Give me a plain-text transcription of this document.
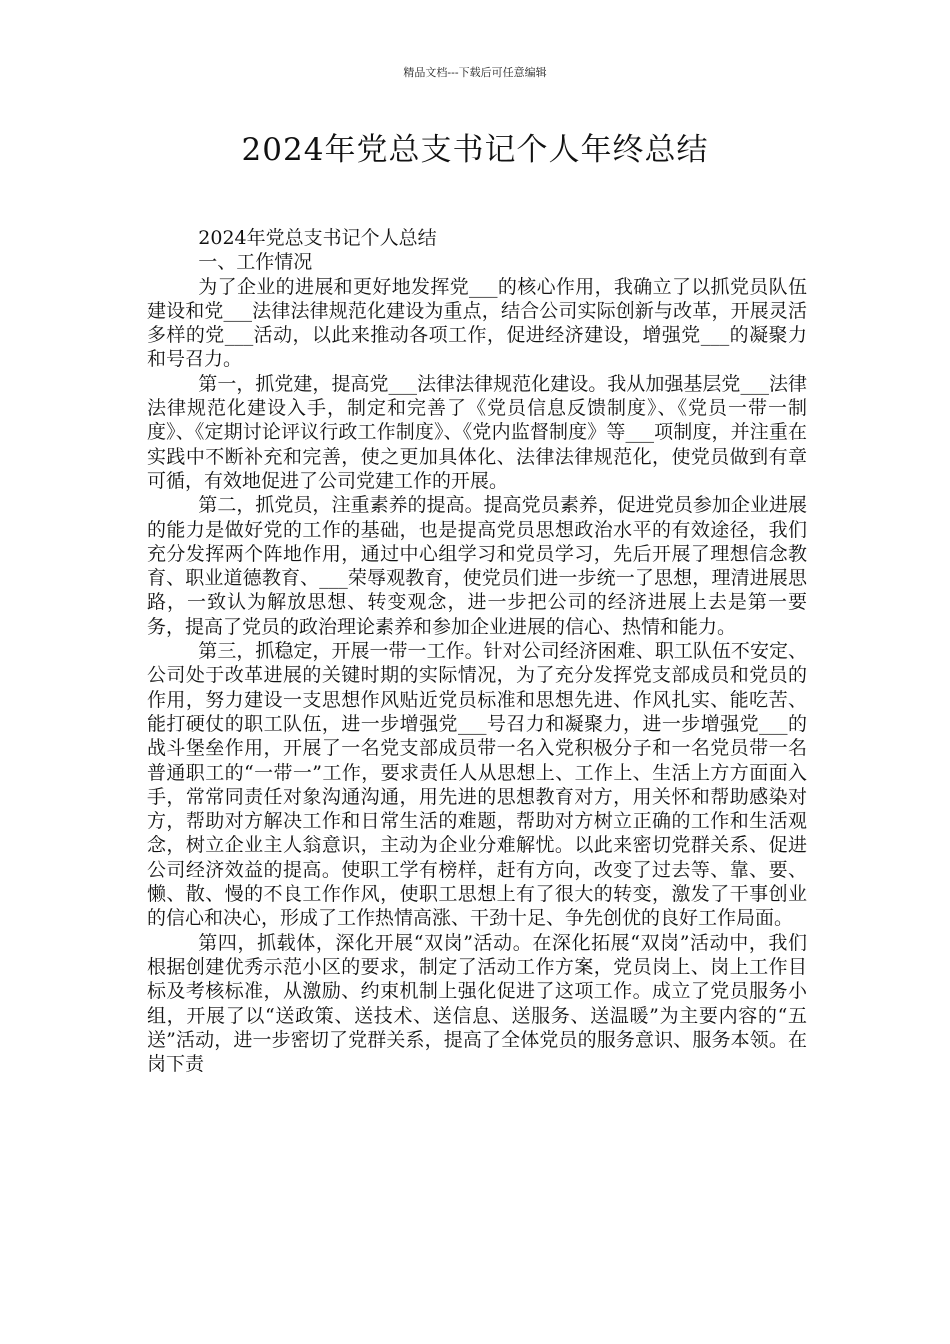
精品文档---下载后可任意编辑
2024年党总支书记个人年终总结

2024年党总支书记个人总结

一、工作情况

为了企业的进展和更好地发挥党___的核心作用，我确立了以抓党员队伍建设和党___法律法律规范化建设为重点，结合公司实际创新与改革，开展灵活多样的党___活动，以此来推动各项工作，促进经济建设，增强党___的凝聚力和号召力。

第一，抓党建，提高党___法律法律规范化建设。我从加强基层党___法律法律规范化建设入手，制定和完善了《党员信息反馈制度》、《党员一带一制度》、《定期讨论评议行政工作制度》、《党内监督制度》等___项制度，并注重在实践中不断补充和完善，使之更加具体化、法律法律规范化，使党员做到有章可循，有效地促进了公司党建工作的开展。

第二，抓党员，注重素养的提高。提高党员素养，促进党员参加企业进展的能力是做好党的工作的基础，也是提高党员思想政治水平的有效途径，我们充分发挥两个阵地作用，通过中心组学习和党员学习，先后开展了理想信念教育、职业道德教育、___荣辱观教育，使党员们进一步统一了思想，理清进展思路，一致认为解放思想、转变观念，进一步把公司的经济进展上去是第一要务，提高了党员的政治理论素养和参加企业进展的信心、热情和能力。

第三，抓稳定，开展一带一工作。针对公司经济困难、职工队伍不安定、公司处于改革进展的关键时期的实际情况，为了充分发挥党支部成员和党员的作用，努力建设一支思想作风贴近党员标准和思想先进、作风扎实、能吃苦、能打硬仗的职工队伍，进一步增强党___号召力和凝聚力，进一步增强党___的战斗堡垒作用，开展了一名党支部成员带一名入党积极分子和一名党员带一名普通职工的“一带一”工作，要求责任人从思想上、工作上、生活上方方面面入手，常常同责任对象沟通沟通，用先进的思想教育对方，用关怀和帮助感染对方，帮助对方解决工作和日常生活的难题，帮助对方树立正确的工作和生活观念，树立企业主人翁意识，主动为企业分难解忧。以此来密切党群关系、促进公司经济效益的提高。使职工学有榜样，赶有方向，改变了过去等、靠、要、懒、散、慢的不良工作作风，使职工思想上有了很大的转变，激发了干事创业的信心和决心，形成了工作热情高涨、干劲十足、争先创优的良好工作局面。

第四，抓载体，深化开展“双岗”活动。在深化拓展“双岗”活动中，我们根据创建优秀示范小区的要求，制定了活动工作方案，党员岗上、岗上工作目标及考核标准，从激励、约束机制上强化促进了这项工作。成立了党员服务小组，开展了以“送政策、送技术、送信息、送服务、送温暖”为主要内容的“五送”活动，进一步密切了党群关系，提高了全体党员的服务意识、服务本领。在岗下责
